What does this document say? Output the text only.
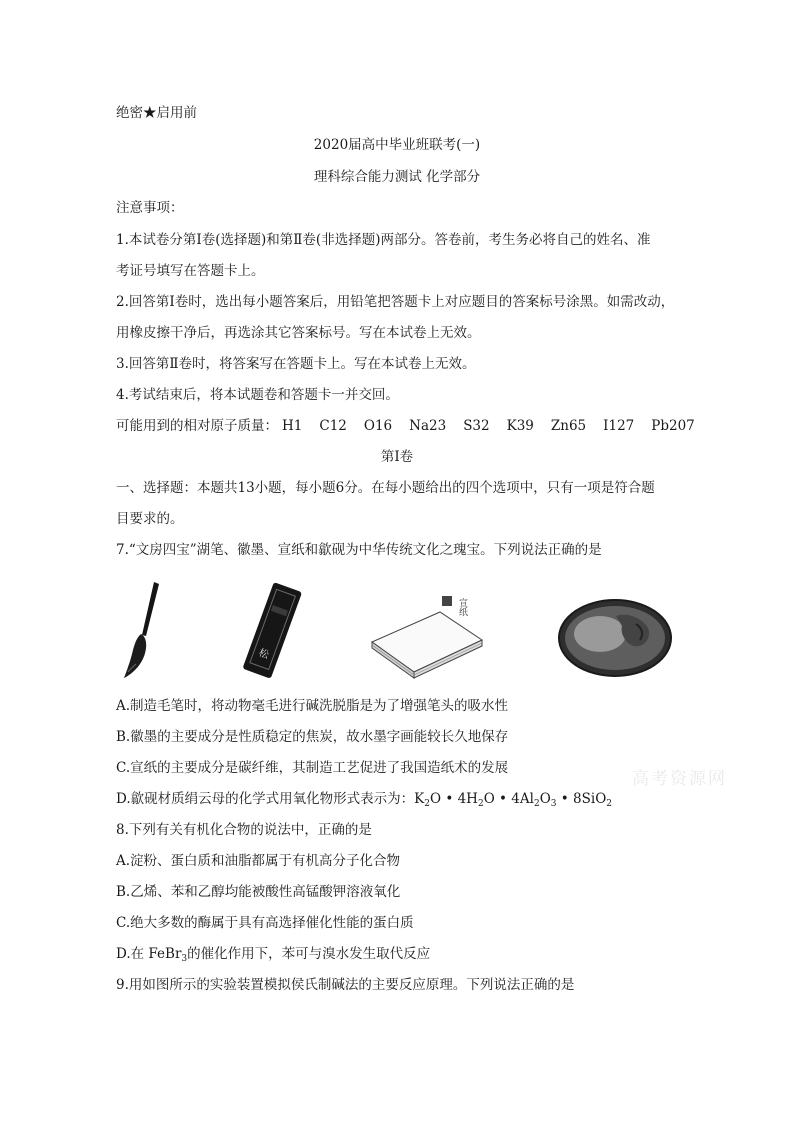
绝密★启用前
2020届高中毕业班联考(一)
理科综合能力测试 化学部分
注意事项：
1.本试卷分第Ⅰ卷(选择题)和第Ⅱ卷(非选择题)两部分。答卷前，考生务必将自己的姓名、准
考证号填写在答题卡上。
2.回答第Ⅰ卷时，选出每小题答案后，用铅笔把答题卡上对应题目的答案标号涂黑。如需改动，
用橡皮擦干净后，再选涂其它答案标号。写在本试卷上无效。
3.回答第Ⅱ卷时，将答案写在答题卡上。写在本试卷上无效。
4.考试结束后，将本试题卷和答题卡一并交回。
可能用到的相对原子质量： H1 C12 O16 Na23 S32 K39 Zn65 I127 Pb207
第Ⅰ卷
一、选择题：本题共13小题，每小题6分。在每小题给出的四个选项中，只有一项是符合题
目要求的。
7.“文房四宝”湖笔、徽墨、宣纸和歙砚为中华传统文化之瑰宝。下列说法正确的是
松
宣纸
A.制造毛笔时，将动物毫毛进行碱洗脱脂是为了增强笔头的吸水性
B.徽墨的主要成分是性质稳定的焦炭，故水墨字画能较长久地保存
C.宣纸的主要成分是碳纤维，其制造工艺促进了我国造纸术的发展
D.歙砚材质绢云母的化学式用氧化物形式表示为：$K_2O$ • $4H_2O$ • $4Al_2O_3$ • 8SiO$_2$
8.下列有关有机化合物的说法中，正确的是
A.淀粉、蛋白质和油脂都属于有机高分子化合物
B.乙烯、苯和乙醇均能被酸性高锰酸钾溶液氧化
C.绝大多数的酶属于具有高选择催化性能的蛋白质
D.在 FeBr$_3$的催化作用下，苯可与溴水发生取代反应
9.用如图所示的实验装置模拟侯氏制碱法的主要反应原理。下列说法正确的是
高考资源网
